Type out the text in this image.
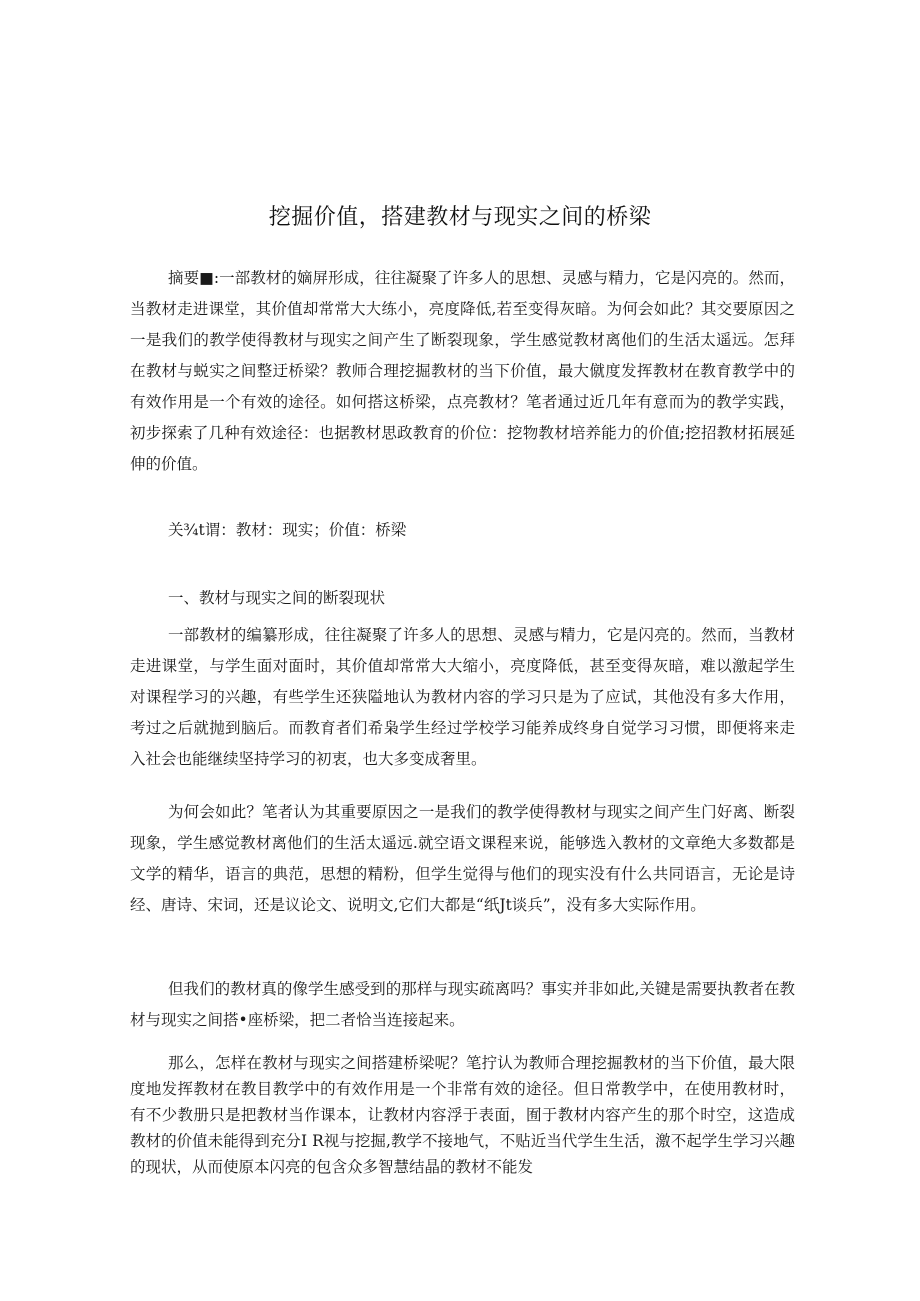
挖掘价值，搭建教材与现实之间的桥梁

摘要■:一部教材的嫡屏形成，往往凝聚了许多人的思想、灵感与精力，它是闪亮的。然而，当教材走进课堂，其价值却常常大大练小，亮度降低,若至变得灰暗。为何会如此？其交要原因之一是我们的教学使得教材与现实之间产生了断裂现象，学生感觉教材离他们的生活太遥远。怎拜在教材与蜕实之间整迂桥梁？教师合理挖掘教材的当下价值，最大僦度发挥教材在教育教学中的有效作用是一个有效的途径。如何搭这桥梁，点亮教材？笔者通过近几年有意而为的教学实践，初步探索了几种有效途径：也据教材思政教育的价位：挖物教材培养能力的价值;挖招教材拓展延伸的价值。

关¾t谓：教材：现实；价值：桥梁

一、教材与现实之间的断裂现状

一部教材的编纂形成，往往凝聚了许多人的思想、灵感与精力，它是闪亮的。然而，当教材走进课堂，与学生面对面时，其价值却常常大大缩小，亮度降低，甚至变得灰暗，难以激起学生对课程学习的兴趣，有些学生还狭隘地认为教材内容的学习只是为了应试，其他没有多大作用，考过之后就抛到脑后。而教育者们希枭学生经过学校学习能养成终身自觉学习习惯，即便将来走入社会也能继续坚持学习的初衷，也大多变成奢里。

为何会如此？笔者认为其重要原因之一是我们的教学使得教材与现实之间产生门好离、断裂现象，学生感觉教材离他们的生活太遥远.就空语文课程来说，能够选入教材的文章绝大多数都是文学的精华，语言的典范，思想的精粉，但学生觉得与他们的现实没有什么共同语言，无论是诗经、唐诗、宋词，还是议论文、说明文,它们大都是“纸Jt谈兵”，没有多大实际作用。

但我们的教材真的像学生感受到的那样与现实疏离吗？事实并非如此,关键是需要执教者在教材与现实之间搭•座桥梁，把二者恰当连接起来。

那么，怎样在教材与现实之间搭建桥梁呢？笔拧认为教师合理挖掘教材的当下价值，最大限度地发挥教材在教目教学中的有效作用是一个非常有效的途径。但日常教学中，在使用教材时，有不少教册只是把教材当作课本，让教材内容浮于表面，囿于教材内容产生的那个时空，这造成教材的价值未能得到充分I R视与挖掘,教学不接地气，不贴近当代学生生活，激不起学生学习兴趣的现状，从而使原本闪亮的包含众多智慧结晶的教材不能发
